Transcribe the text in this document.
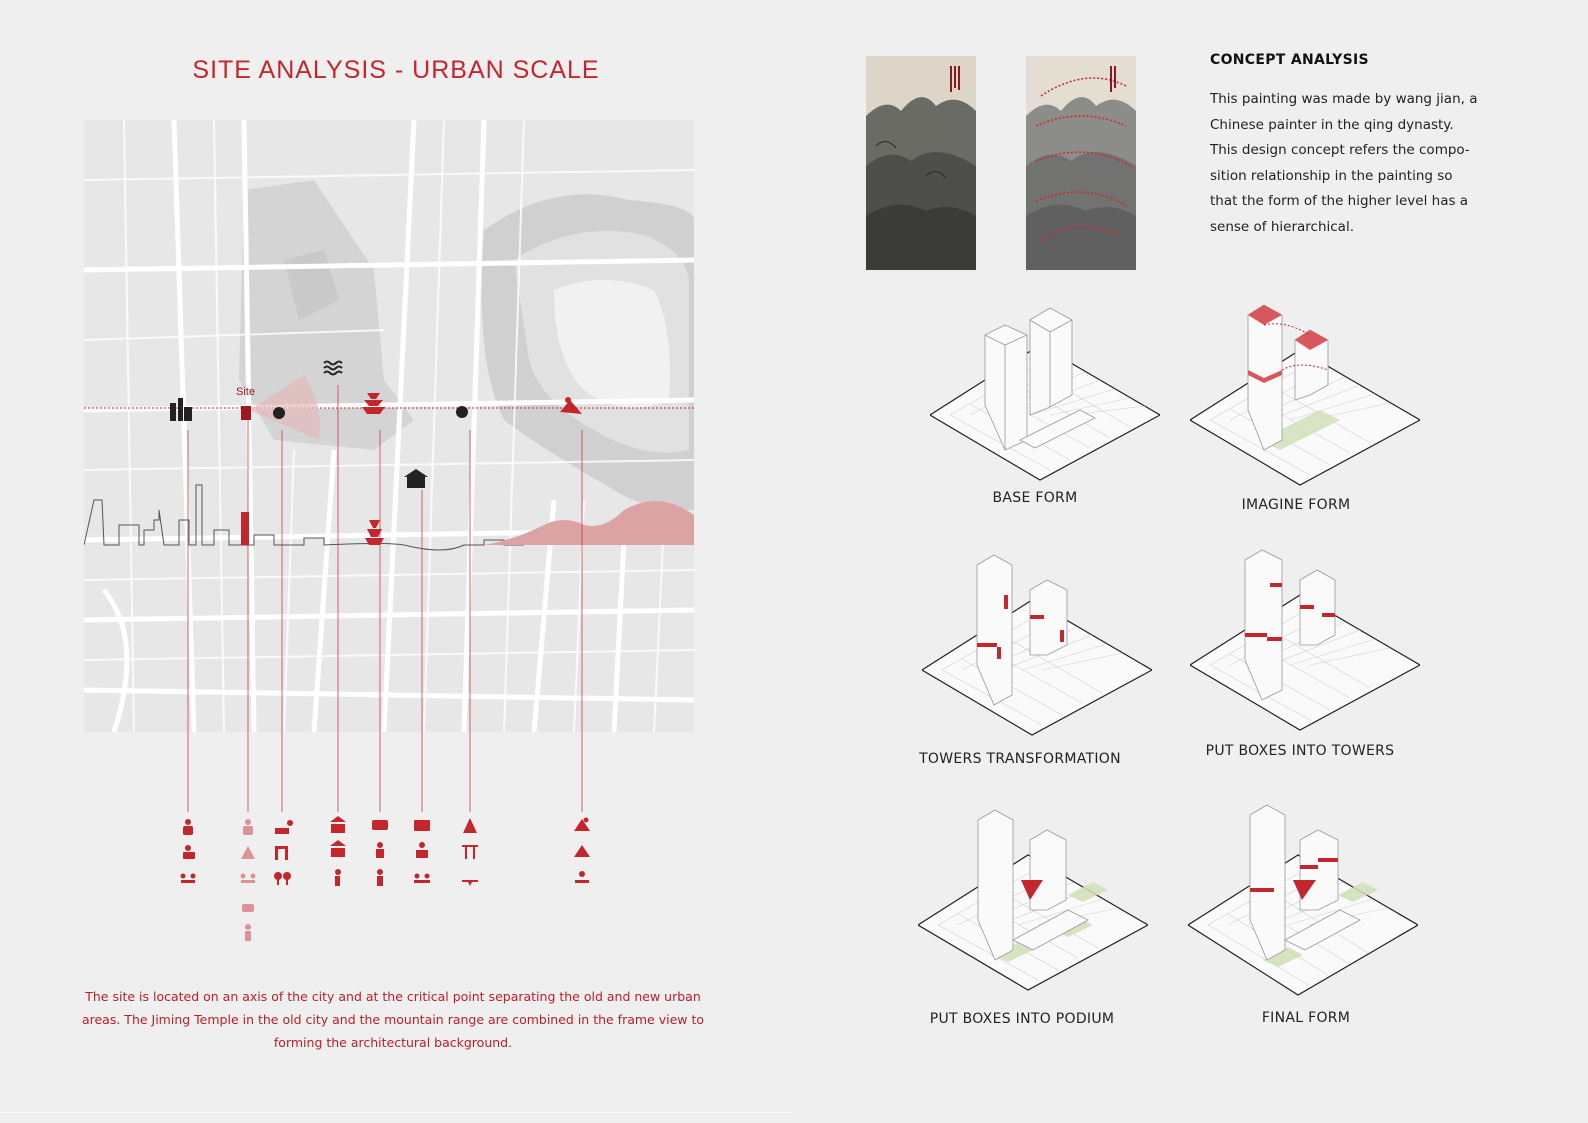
SITE ANALYSIS - URBAN SCALE
Site
The site is located on an axis of the city and at the critical point separating the old and new urban
areas. The Jiming Temple in the old city and the mountain range are combined in the frame view to
forming the architectural background.
CONCEPT ANALYSIS
This painting was made by wang jian, a
Chinese painter in the qing dynasty.
This design concept refers the compo-
sition relationship in the painting so
that the form of the higher level has a
sense of hierarchical.
BASE FORM	IMAGINE FORM
TOWERS TRANSFORMATION	PUT BOXES INTO TOWERS
PUT BOXES INTO PODIUM	FINAL FORM
